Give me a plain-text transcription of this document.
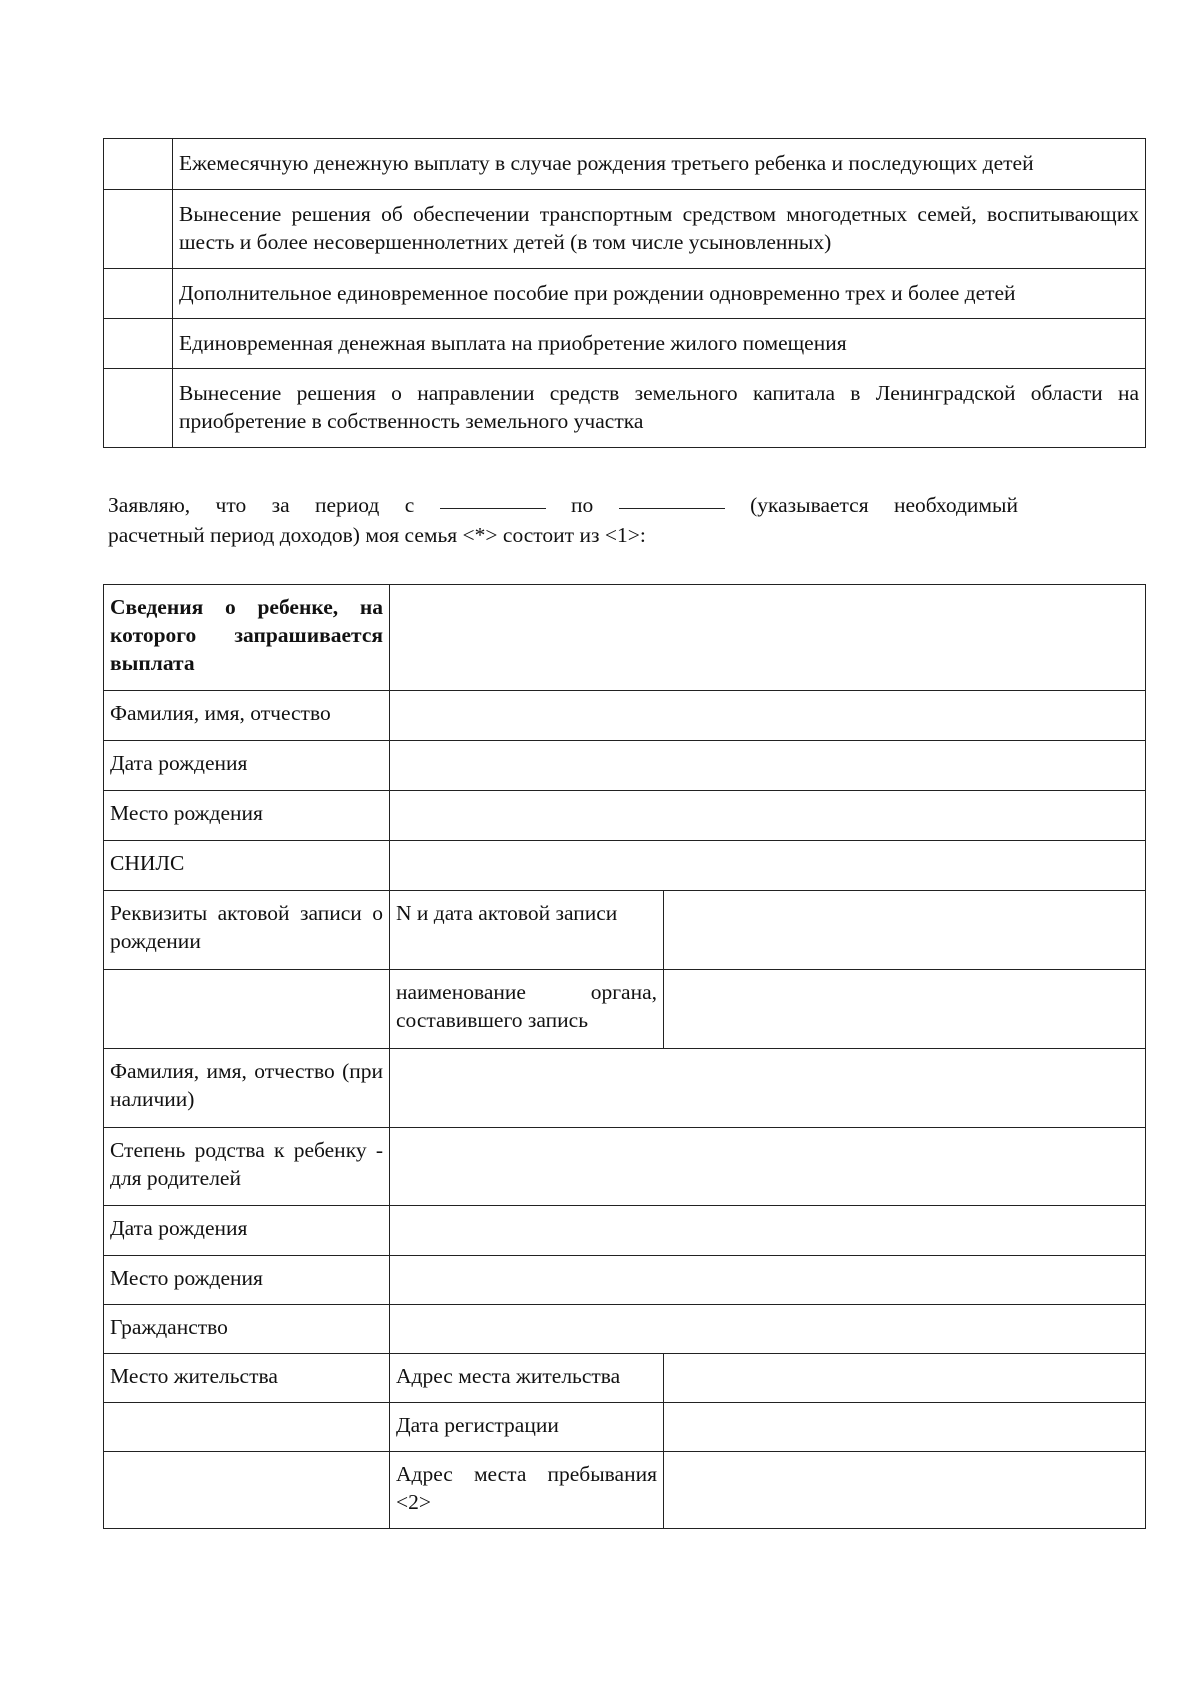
	Ежемесячную денежную выплату в случае рождения третьего ребенка и последующих детей
	Вынесение решения об обеспечении транспортным средством многодетных семей, воспитывающих шесть и более несовершеннолетних детей (в том числе усыновленных)
	Дополнительное единовременное пособие при рождении одновременно трех и более детей
	Единовременная денежная выплата на приобретение жилого помещения
	Вынесение решения о направлении средств земельного капитала в Ленинградской области на приобретение в собственность земельного участка
Заявляю, что за период с	по	(указывается необходимый
расчетный период доходов) моя семья <*> состоит из <1>:
Сведения о ребенке, на которого запрашивается выплата		
Фамилия, имя, отчество		
Дата рождения		
Место рождения		
СНИЛС		
Реквизиты актовой записи о рождении	N и дата актовой записи	
	наименование органа, составившего запись	
Фамилия, имя, отчество (при наличии)		
Степень родства к ребенку - для родителей		
Дата рождения		
Место рождения		
Гражданство		
Место жительства	Адрес места жительства	
	Дата регистрации	
	Адрес места пребывания <2>	
